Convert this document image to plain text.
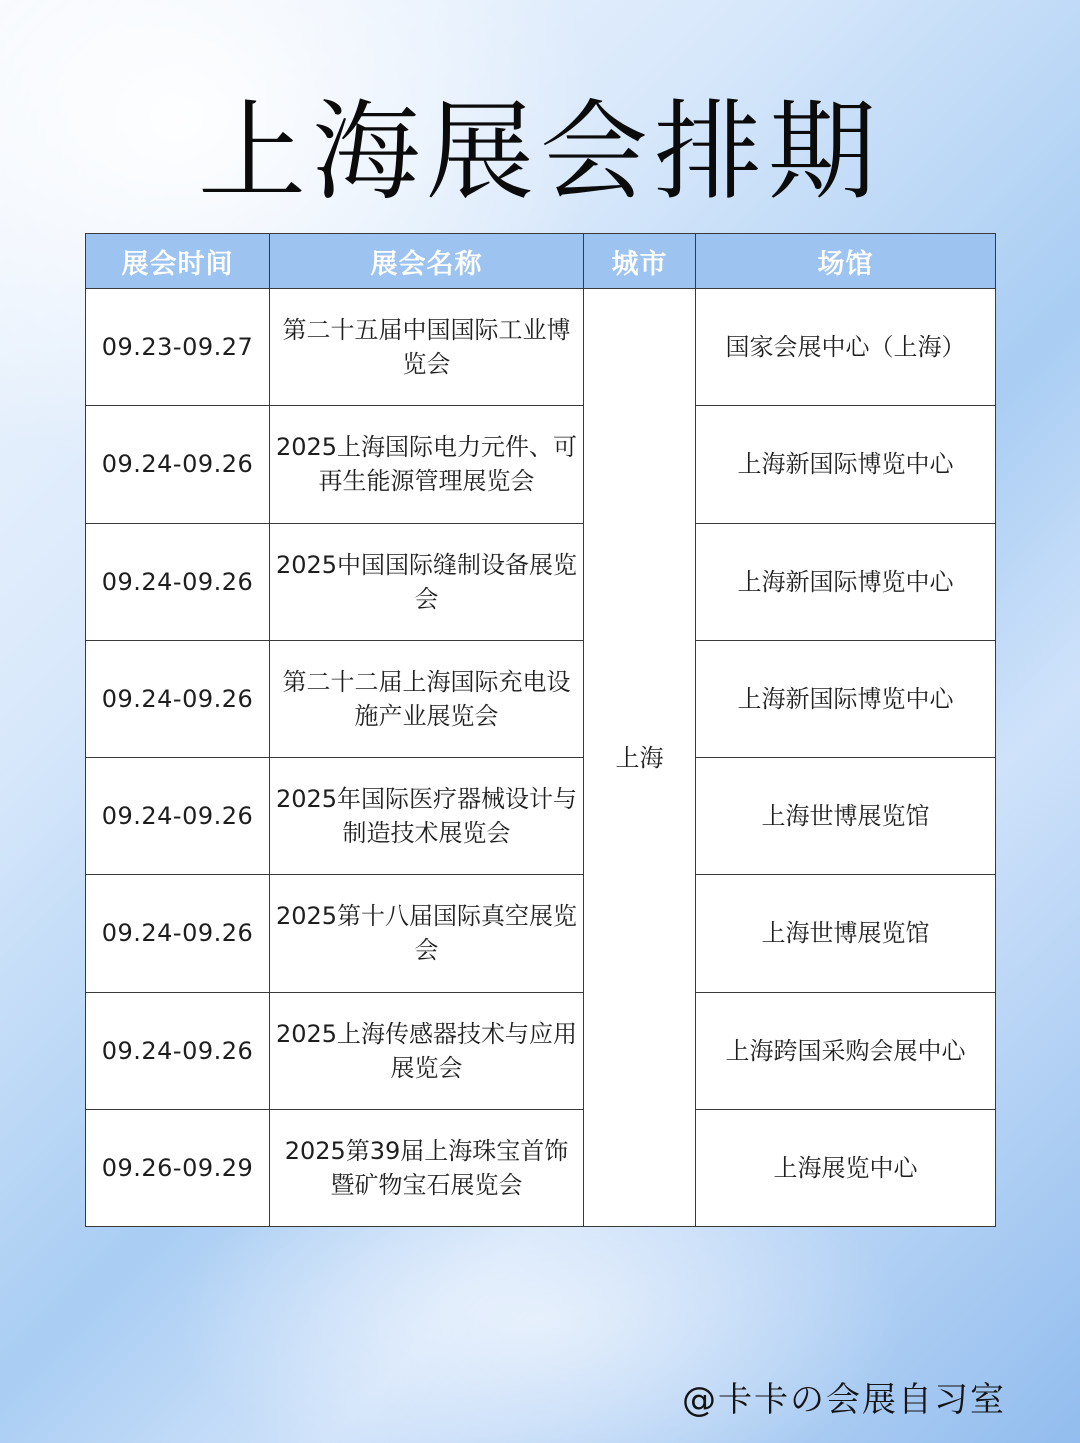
上海展会排期
展会时间	展会名称	城市	场馆
09.23-09.27	第二十五届中国国际工业博览会	上海	国家会展中心（上海）
09.24-09.26	2025上海国际电力元件、可再生能源管理展览会		上海新国际博览中心
09.24-09.26	2025中国国际缝制设备展览会		上海新国际博览中心
09.24-09.26	第二十二届上海国际充电设施产业展览会		上海新国际博览中心
09.24-09.26	2025年国际医疗器械设计与制造技术展览会		上海世博展览馆
09.24-09.26	2025第十八届国际真空展览会		上海世博展览馆
09.24-09.26	2025上海传感器技术与应用展览会		上海跨国采购会展中心
09.26-09.29	2025第39届上海珠宝首饰暨矿物宝石展览会		上海展览中心

@卡卡の会展自习室
